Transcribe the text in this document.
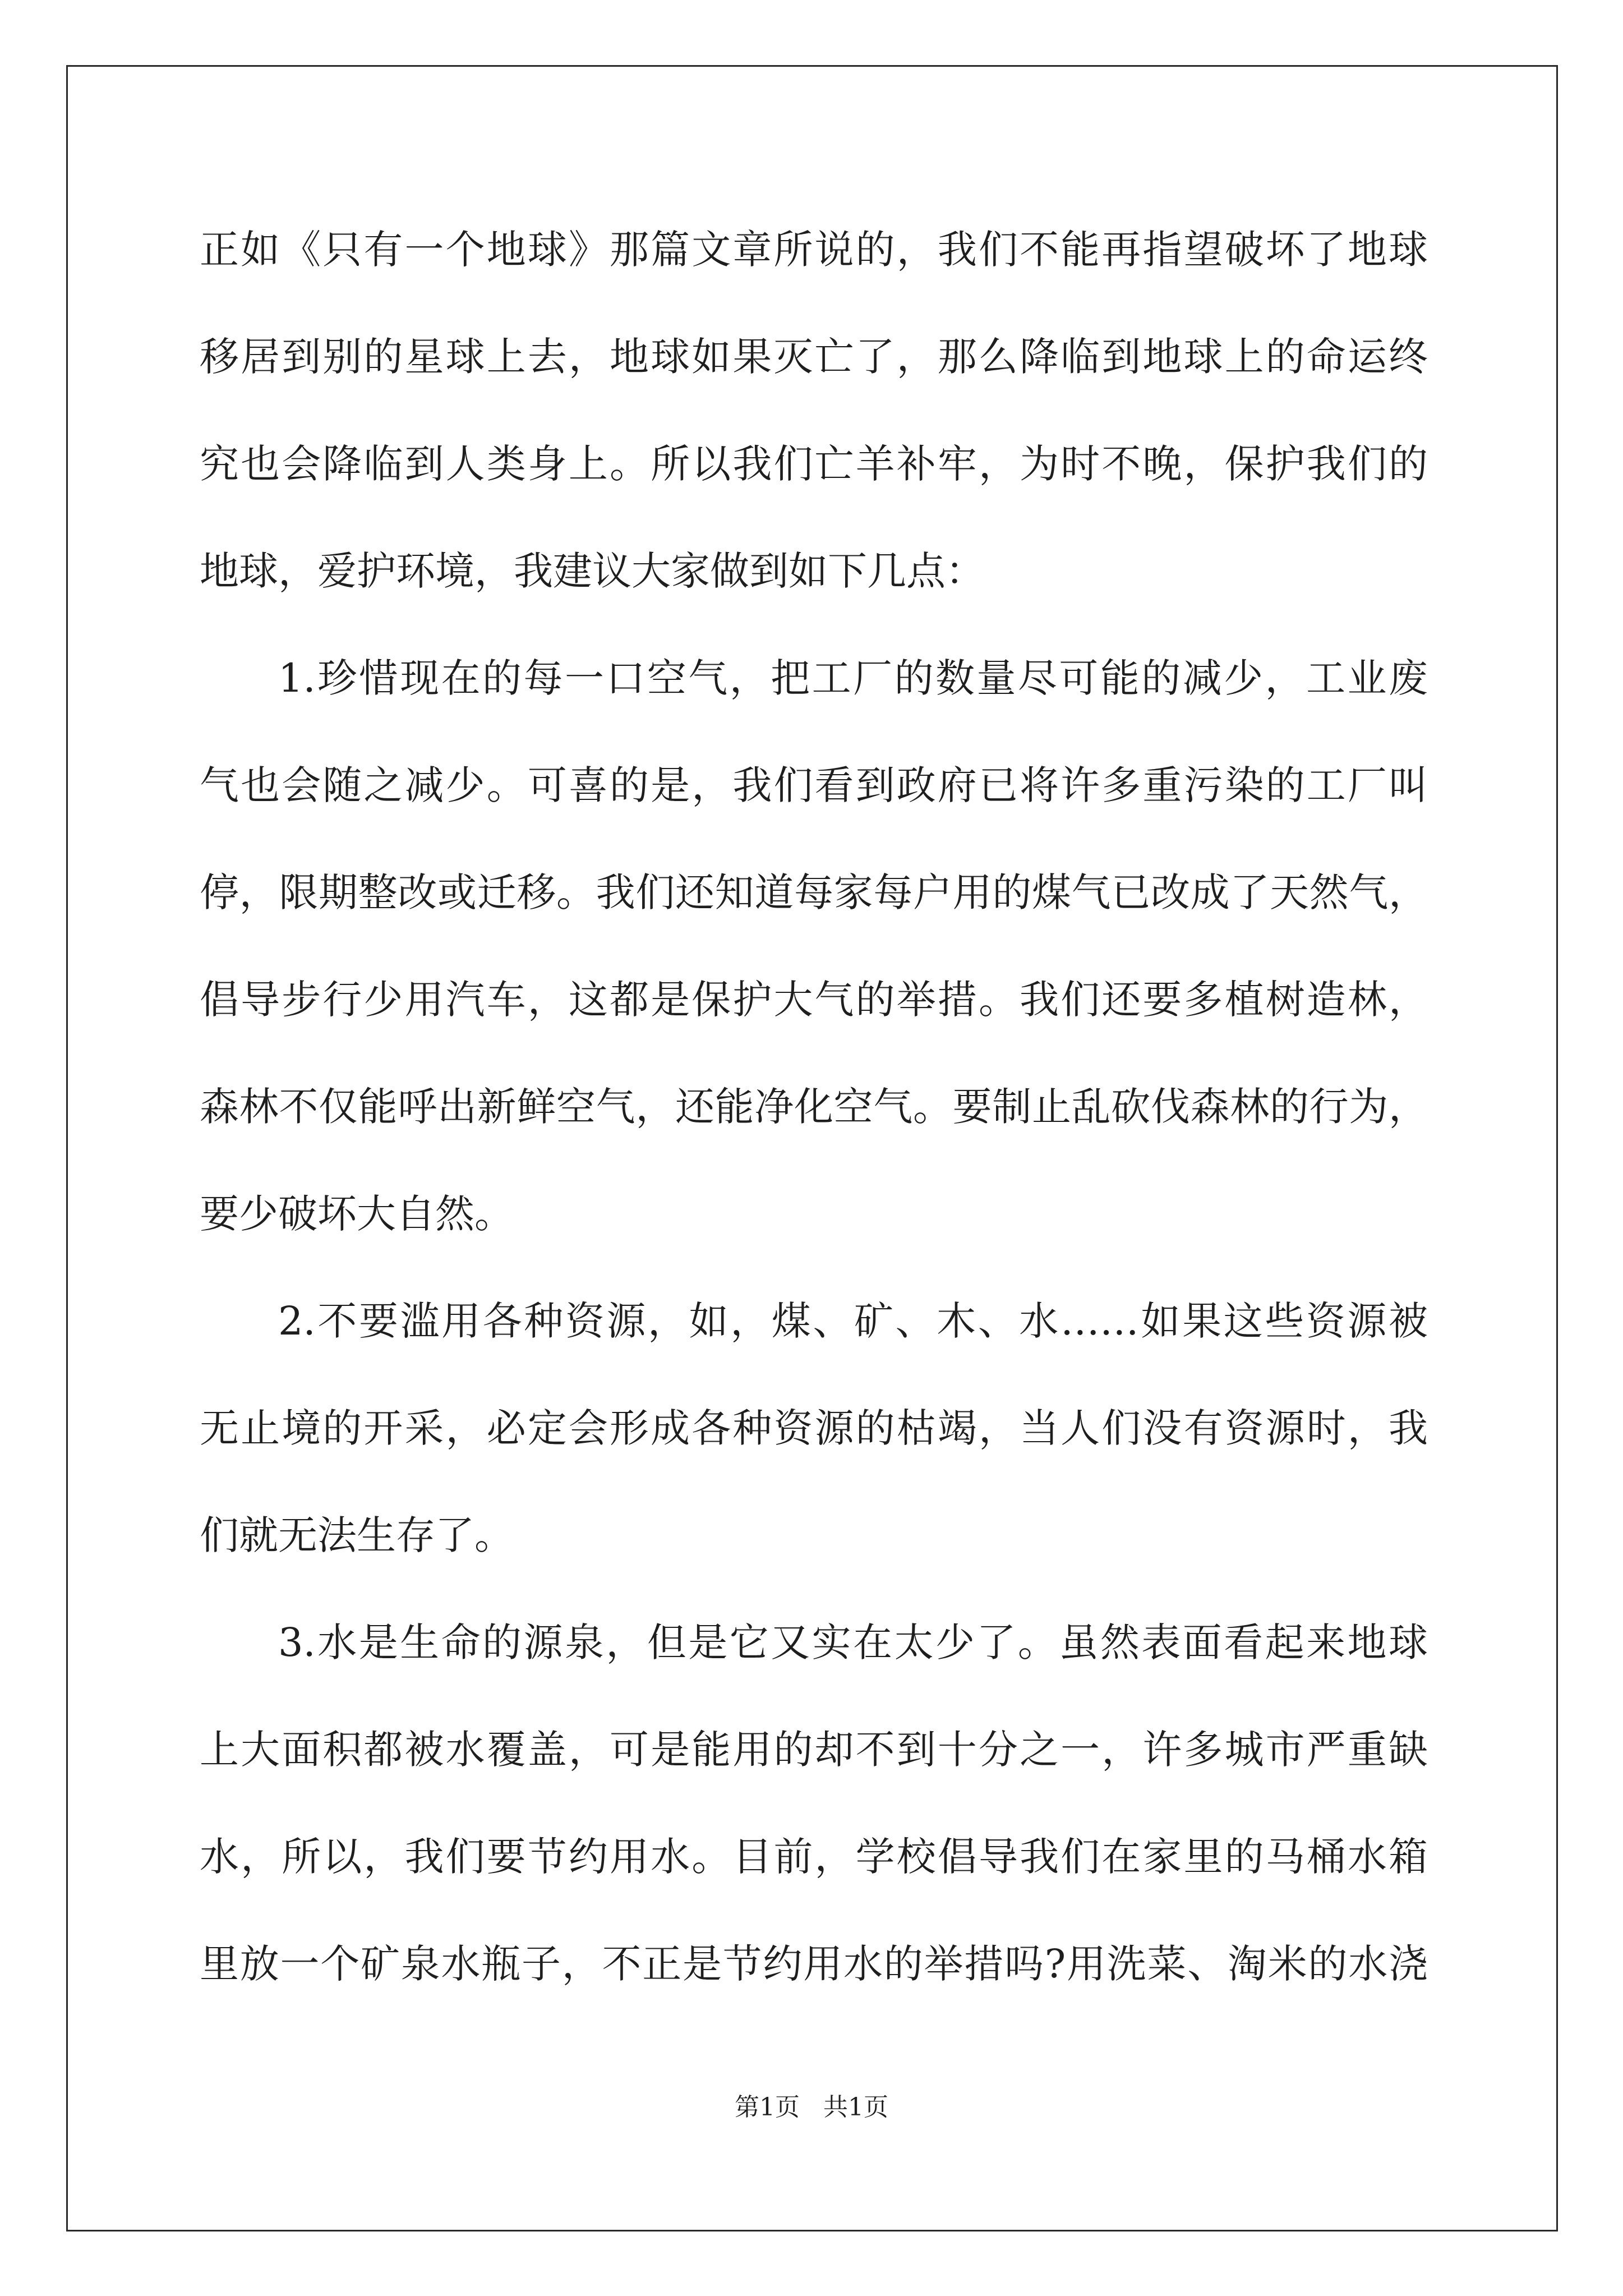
正如《只有一个地球》那篇文章所说的，我们不能再指望破坏了地球
移居到别的星球上去，地球如果灭亡了，那么降临到地球上的命运终
究也会降临到人类身上。所以我们亡羊补牢，为时不晚，保护我们的
地球，爱护环境，我建议大家做到如下几点：
1.珍惜现在的每一口空气，把工厂的数量尽可能的减少，工业废
气也会随之减少。可喜的是，我们看到政府已将许多重污染的工厂叫
停，限期整改或迁移。我们还知道每家每户用的煤气已改成了天然气，
倡导步行少用汽车，这都是保护大气的举措。我们还要多植树造林，
森林不仅能呼出新鲜空气，还能净化空气。要制止乱砍伐森林的行为，
要少破坏大自然。
2.不要滥用各种资源，如，煤、矿、木、水……如果这些资源被
无止境的开采，必定会形成各种资源的枯竭，当人们没有资源时，我
们就无法生存了。
3.水是生命的源泉，但是它又实在太少了。虽然表面看起来地球
上大面积都被水覆盖，可是能用的却不到十分之一，许多城市严重缺
水，所以，我们要节约用水。目前，学校倡导我们在家里的马桶水箱
里放一个矿泉水瓶子，不正是节约用水的举措吗?用洗菜、淘米的水浇
第1页   共1页
